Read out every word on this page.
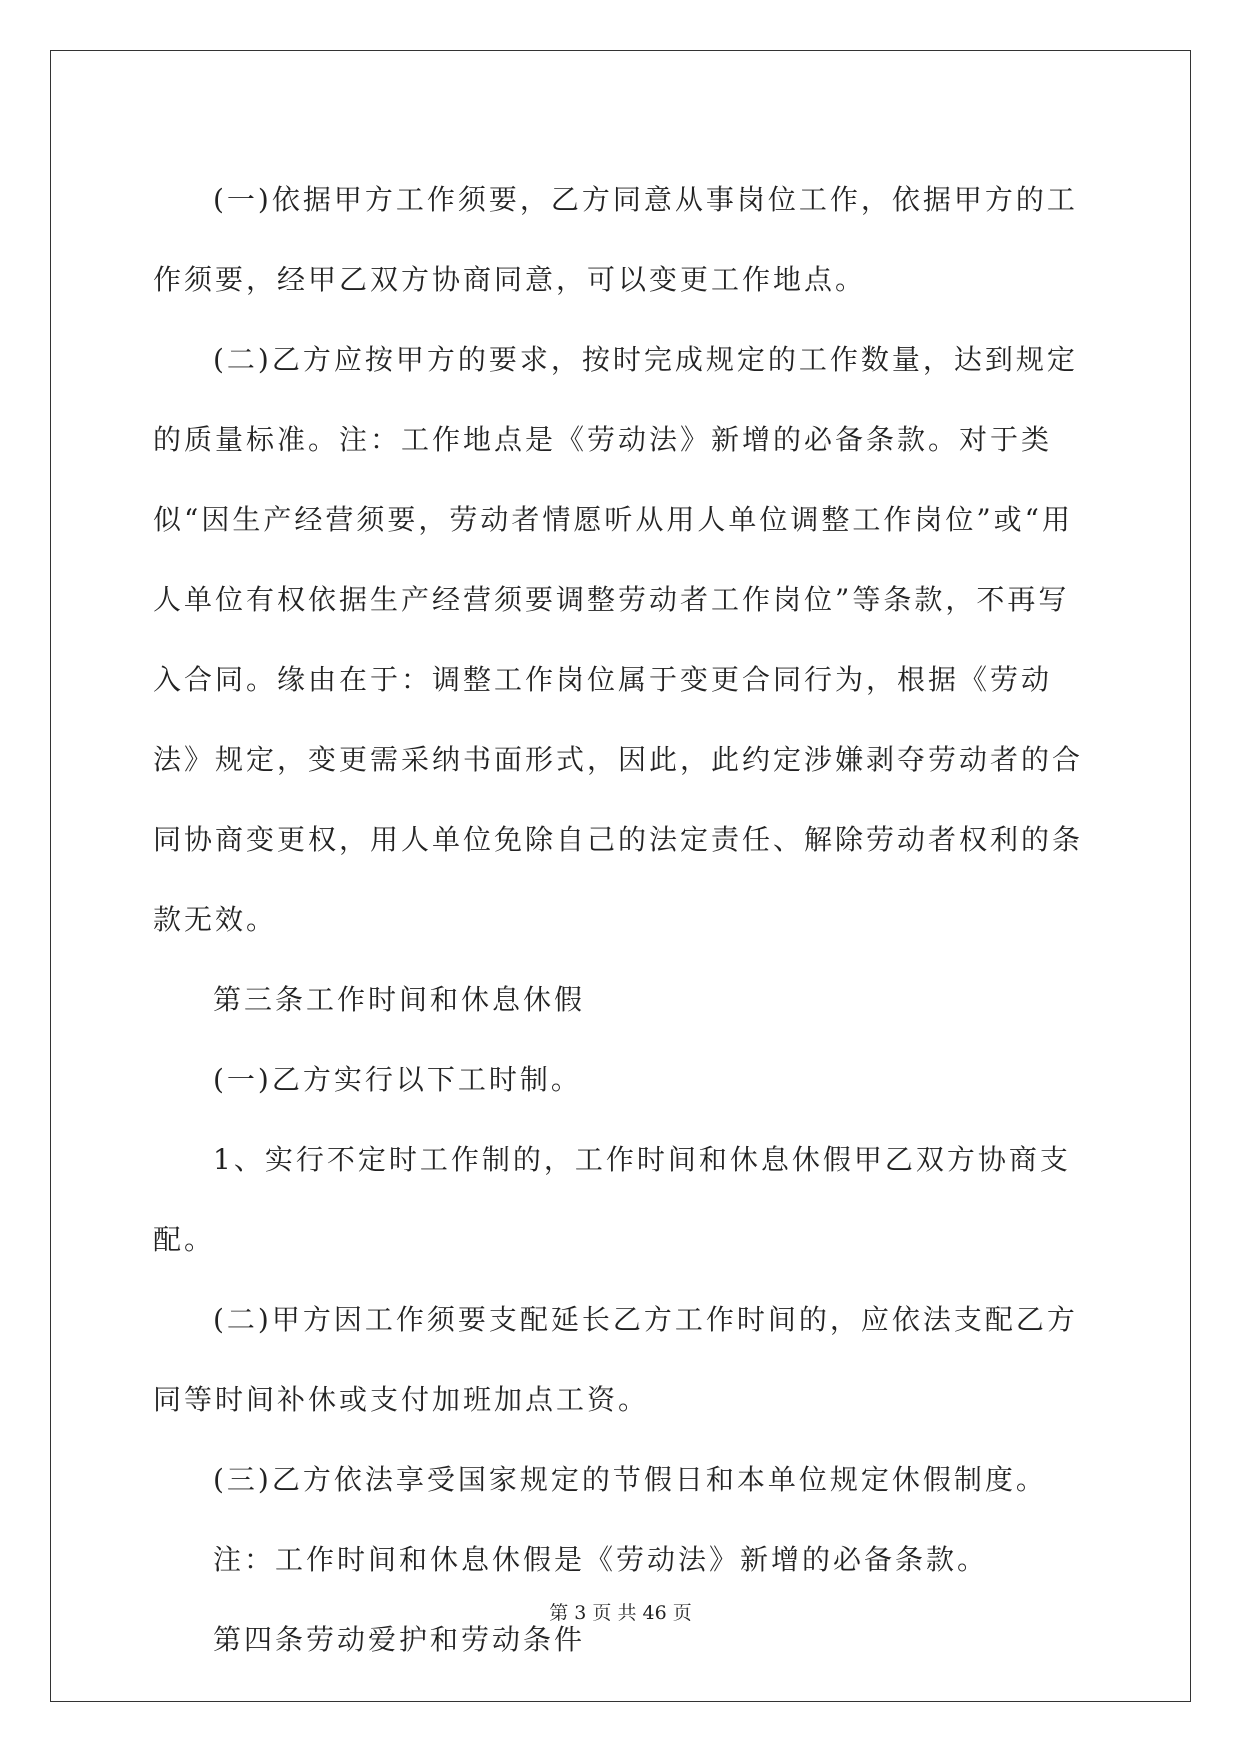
(一)依据甲方工作须要，乙方同意从事岗位工作，依据甲方的工作须要，经甲乙双方协商同意，可以变更工作地点。

(二)乙方应按甲方的要求，按时完成规定的工作数量，达到规定的质量标准。注：工作地点是《劳动法》新增的必备条款。对于类似“因生产经营须要，劳动者情愿听从用人单位调整工作岗位”或“用人单位有权依据生产经营须要调整劳动者工作岗位”等条款，不再写入合同。缘由在于：调整工作岗位属于变更合同行为，根据《劳动法》规定，变更需采纳书面形式，因此，此约定涉嫌剥夺劳动者的合同协商变更权，用人单位免除自己的法定责任、解除劳动者权利的条款无效。

第三条工作时间和休息休假

(一)乙方实行以下工时制。

1、实行不定时工作制的，工作时间和休息休假甲乙双方协商支配。

(二)甲方因工作须要支配延长乙方工作时间的，应依法支配乙方同等时间补休或支付加班加点工资。

(三)乙方依法享受国家规定的节假日和本单位规定休假制度。

注：工作时间和休息休假是《劳动法》新增的必备条款。

第四条劳动爱护和劳动条件

第 3 页 共 46 页
